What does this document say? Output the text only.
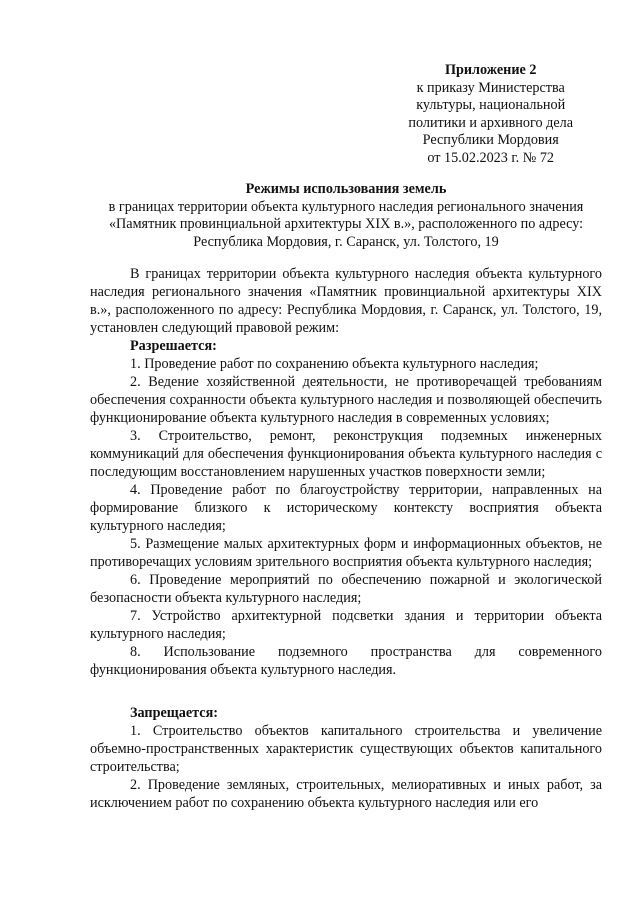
Приложение 2
к приказу Министерства
культуры, национальной
политики и архивного дела
Республики Мордовия
от 15.02.2023 г. № 72
Режимы использования земель
в границах территории объекта культурного наследия регионального значения
«Памятник провинциальной архитектуры XIX в.», расположенного по адресу:
Республика Мордовия, г. Саранск, ул. Толстого, 19

В границах территории объекта культурного наследия объекта культурного наследия регионального значения «Памятник провинциальной архитектуры XIX в.», расположенного по адресу: Республика Мордовия, г. Саранск, ул. Толстого, 19, установлен следующий правовой режим:

Разрешается:

1. Проведение работ по сохранению объекта культурного наследия;

2. Ведение хозяйственной деятельности, не противоречащей требованиям обеспечения сохранности объекта культурного наследия и позволяющей обеспечить функционирование объекта культурного наследия в современных условиях;

3. Строительство, ремонт, реконструкция подземных инженерных коммуникаций для обеспечения функционирования объекта культурного наследия с последующим восстановлением нарушенных участков поверхности земли;

4. Проведение работ по благоустройству территории, направленных на формирование близкого к историческому контексту восприятия объекта культурного наследия;

5. Размещение малых архитектурных форм и информационных объектов, не противоречащих условиям зрительного восприятия объекта культурного наследия;

6. Проведение мероприятий по обеспечению пожарной и экологической безопасности объекта культурного наследия;

7. Устройство архитектурной подсветки здания и территории объекта культурного наследия;

8. Использование подземного пространства для современного функционирования объекта культурного наследия.

Запрещается:

1. Строительство объектов капитального строительства и увеличение объемно-пространственных характеристик существующих объектов капитального строительства;

2. Проведение земляных, строительных, мелиоративных и иных работ, за исключением работ по сохранению объекта культурного наследия или его
